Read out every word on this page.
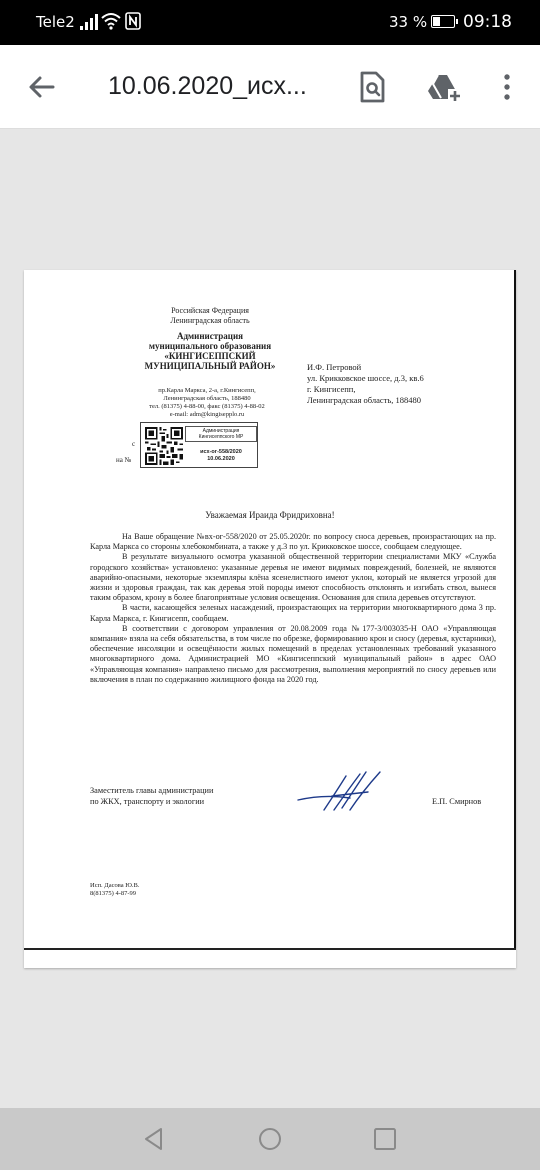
Tele2	33 % 09:18
10.06.2020_исх...
Российская Федерация
Ленинградская область
Администрация
муниципального образования
«КИНГИСЕППСКИЙ
МУНИЦИПАЛЬНЫЙ РАЙОН»
пр.Карла Маркса, 2-а, г.Кингисепп,
Ленинградская область, 188480
тел. (81375) 4-88-00, факс (81375) 4-88-02
e-mail: adm@kingisepplo.ru
с
на №
Администрация
Кингисеппского МР
исх-ог-558/2020
10.06.2020
И.Ф. Петровой
ул. Крикковское шоссе, д.3, кв.6
г. Кингисепп,
Ленинградская область, 188480
Уважаемая Ираида Фридриховна!

На Ваше обращение №вх-ог-558/2020 от 25.05.2020г. по вопросу сноса деревьев, произрастающих на пр. Карла Маркса со стороны хлебокомбината, а также у д.3 по ул. Крикковское шоссе, сообщаем следующее.

В результате визуального осмотра указанной общественной территории специалистами МКУ «Служба городского хозяйства» установлено: указанные деревья не имеют видимых повреждений, болезней, не являются аварийно-опасными, некоторые экземпляры клёна ясенелистного имеют уклон, который не является угрозой для жизни и здоровья граждан, так как деревья этой породы имеют способность отклонять и изгибать ствол, вынеся таким образом, крону в более благоприятные условия освещения. Основания для спила деревьев отсутствуют.

В части, касающейся зеленых насаждений, произрастающих на территории многоквартирного дома 3 пр. Карла Маркса, г. Кингисепп, сообщаем.

В соответствии с договором управления от 20.08.2009 года №177-3/003035-Н ОАО «Управляющая компания» взяла на себя обязательства, в том числе по обрезке, формированию крон и сносу (деревья, кустарники), обеспечение инсоляции и освещённости жилых помещений в пределах установленных требований указанного многоквартирного дома. Администрацией МО «Кингисеппский муниципальный район» в адрес ОАО «Управляющая компания» направлено письмо для рассмотрения, выполнения мероприятий по сносу деревьев или включения в план по содержанию жилищного фонда на 2020 год.

Заместитель главы администрации
по ЖКХ, транспорту и экологии	Е.П. Смирнов
Исп. Дасова Ю.В.
8(81375) 4-87-99
